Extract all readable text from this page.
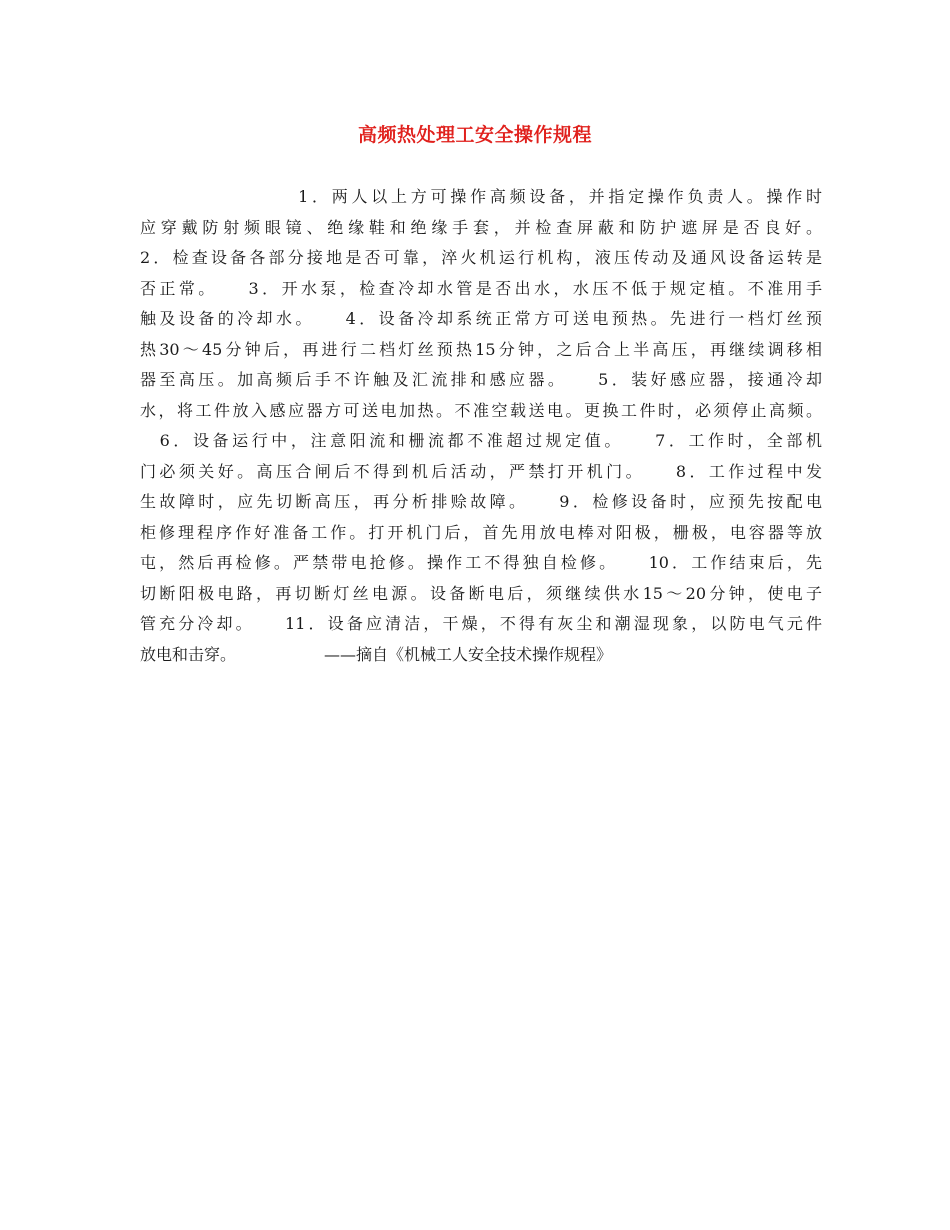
高频热处理工安全操作规程
　　　　　　　　1．两人以上方可操作高频设备，并指定操作负责人。操作时
应穿戴防射频眼镜、绝缘鞋和绝缘手套，并检查屏蔽和防护遮屏是否良好。
2．检查设备各部分接地是否可靠，淬火机运行机构，液压传动及通风设备运转是
否正常。　　3．开水泵，检查冷却水管是否出水，水压不低于规定植。不准用手
触及设备的冷却水。　　4．设备冷却系统正常方可送电预热。先进行一档灯丝预
热30～45分钟后，再进行二档灯丝预热15分钟，之后合上半高压，再继续调移相
器至高压。加高频后手不许触及汇流排和感应器。　　5．装好感应器，接通冷却
水，将工件放入感应器方可送电加热。不准空载送电。更换工件时，必须停止高频。
　6．设备运行中，注意阳流和栅流都不准超过规定值。　　7．工作时，全部机
门必须关好。高压合闸后不得到机后活动，严禁打开机门。　　8．工作过程中发
生故障时，应先切断高压，再分析排赊故障。　　9．检修设备时，应预先按配电
柜修理程序作好准备工作。打开机门后，首先用放电棒对阳极，栅极，电容器等放
屯，然后再检修。严禁带电抢修。操作工不得独自检修。　　10．工作结束后，先
切断阳极电路，再切断灯丝电源。设备断电后，须继续供水15～20分钟，使电子
管充分冷却。　　11．设备应清洁，干燥，不得有灰尘和潮湿现象，以防电气元件
放电和击穿。　　　　　　——摘自《机械工人安全技术操作规程》
